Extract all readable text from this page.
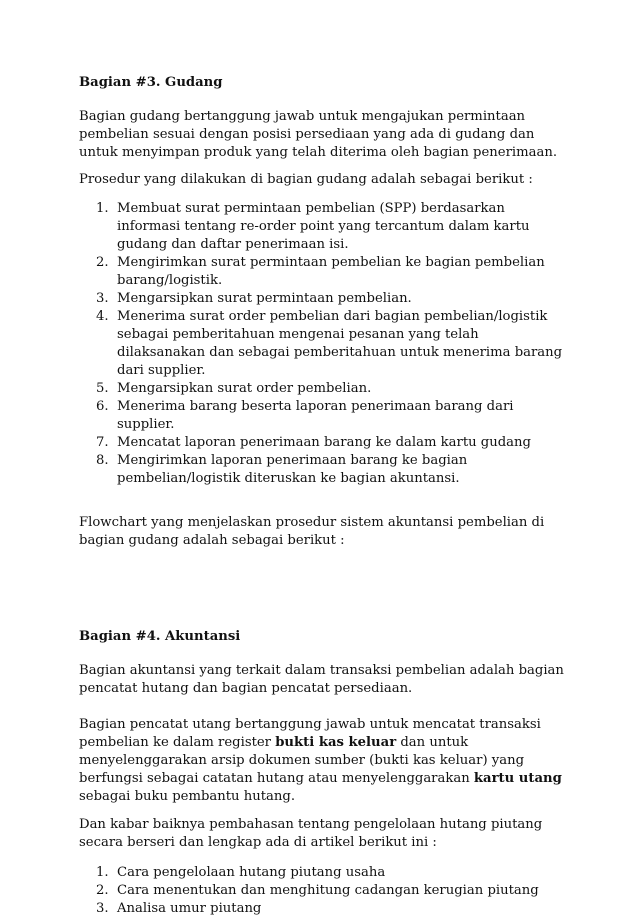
Bagian #3. Gudang

Bagian gudang bertanggung jawab untuk mengajukan permintaan pembelian sesuai dengan posisi persediaan yang ada di gudang dan untuk menyimpan produk yang telah diterima oleh bagian penerimaan.

Prosedur yang dilakukan di bagian gudang adalah sebagai berikut :

1. Membuat surat permintaan pembelian (SPP) berdasarkan informasi tentang re-order point yang tercantum dalam kartu gudang dan daftar penerimaan isi.
2. Mengirimkan surat permintaan pembelian ke bagian pembelian barang/logistik.
3. Mengarsipkan surat permintaan pembelian.
4. Menerima surat order pembelian dari bagian pembelian/logistik sebagai pemberitahuan mengenai pesanan yang telah dilaksanakan dan sebagai pemberitahuan untuk menerima barang dari supplier.
5. Mengarsipkan surat order pembelian.
6. Menerima barang beserta laporan penerimaan barang dari supplier.
7. Mencatat laporan penerimaan barang ke dalam kartu gudang
8. Mengirimkan laporan penerimaan barang ke bagian pembelian/logistik diteruskan ke bagian akuntansi.

Flowchart yang menjelaskan prosedur sistem akuntansi pembelian di bagian gudang adalah sebagai berikut :

Bagian #4. Akuntansi

Bagian akuntansi yang terkait dalam transaksi pembelian adalah bagian pencatat hutang dan bagian pencatat persediaan.

Bagian pencatat utang bertanggung jawab untuk mencatat transaksi pembelian ke dalam register bukti kas keluar dan untuk menyelenggarakan arsip dokumen sumber (bukti kas keluar) yang berfungsi sebagai catatan hutang atau menyelenggarakan kartu utang sebagai buku pembantu hutang.

Dan kabar baiknya pembahasan tentang pengelolaan hutang piutang secara berseri dan lengkap ada di artikel berikut ini :

1. Cara pengelolaan hutang piutang usaha
2. Cara menentukan dan menghitung cadangan kerugian piutang
3. Analisa umur piutang
